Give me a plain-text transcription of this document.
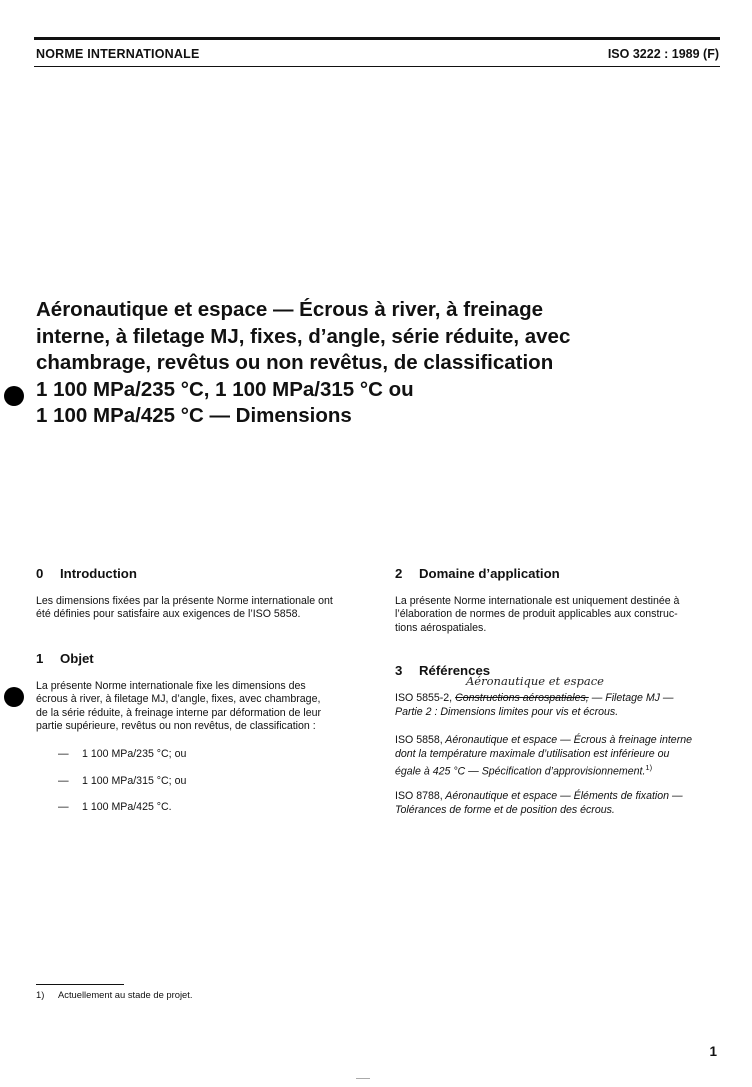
NORME INTERNATIONALE	ISO 3222 : 1989 (F)
Aéronautique et espace — Écrous à river, à freinage
interne, à filetage MJ, fixes, d’angle, série réduite, avec
chambrage, revêtus ou non revêtus, de classification
1 100 MPa/235 °C, 1 100 MPa/315 °C ou
1 100 MPa/425 °C — Dimensions
0 Introduction
Les dimensions fixées par la présente Norme internationale ont
été définies pour satisfaire aux exigences de l’ISO 5858.
1 Objet
La présente Norme internationale fixe les dimensions des
écrous à river, à filetage MJ, d’angle, fixes, avec chambrage,
de la série réduite, à freinage interne par déformation de leur
partie supérieure, revêtus ou non revêtus, de classification :
— 1 100 MPa/235 °C; ou
— 1 100 MPa/315 °C; ou
— 1 100 MPa/425 °C.
2 Domaine d’application
La présente Norme internationale est uniquement destinée à
l’élaboration de normes de produit applicables aux construc-
tions aérospatiales.
3 Références
Aéronautique et espace
ISO 5855-2, Constructions aérospatiales, — Filetage MJ —
Partie 2 : Dimensions limites pour vis et écrous.
ISO 5858, Aéronautique et espace — Écrous à freinage interne
dont la température maximale d’utilisation est inférieure ou
égale à 425 °C — Spécification d’approvisionnement.$^{1)}$
ISO 8788, Aéronautique et espace — Éléments de fixation —
Tolérances de forme et de position des écrous.
1) Actuellement au stade de projet.
1
